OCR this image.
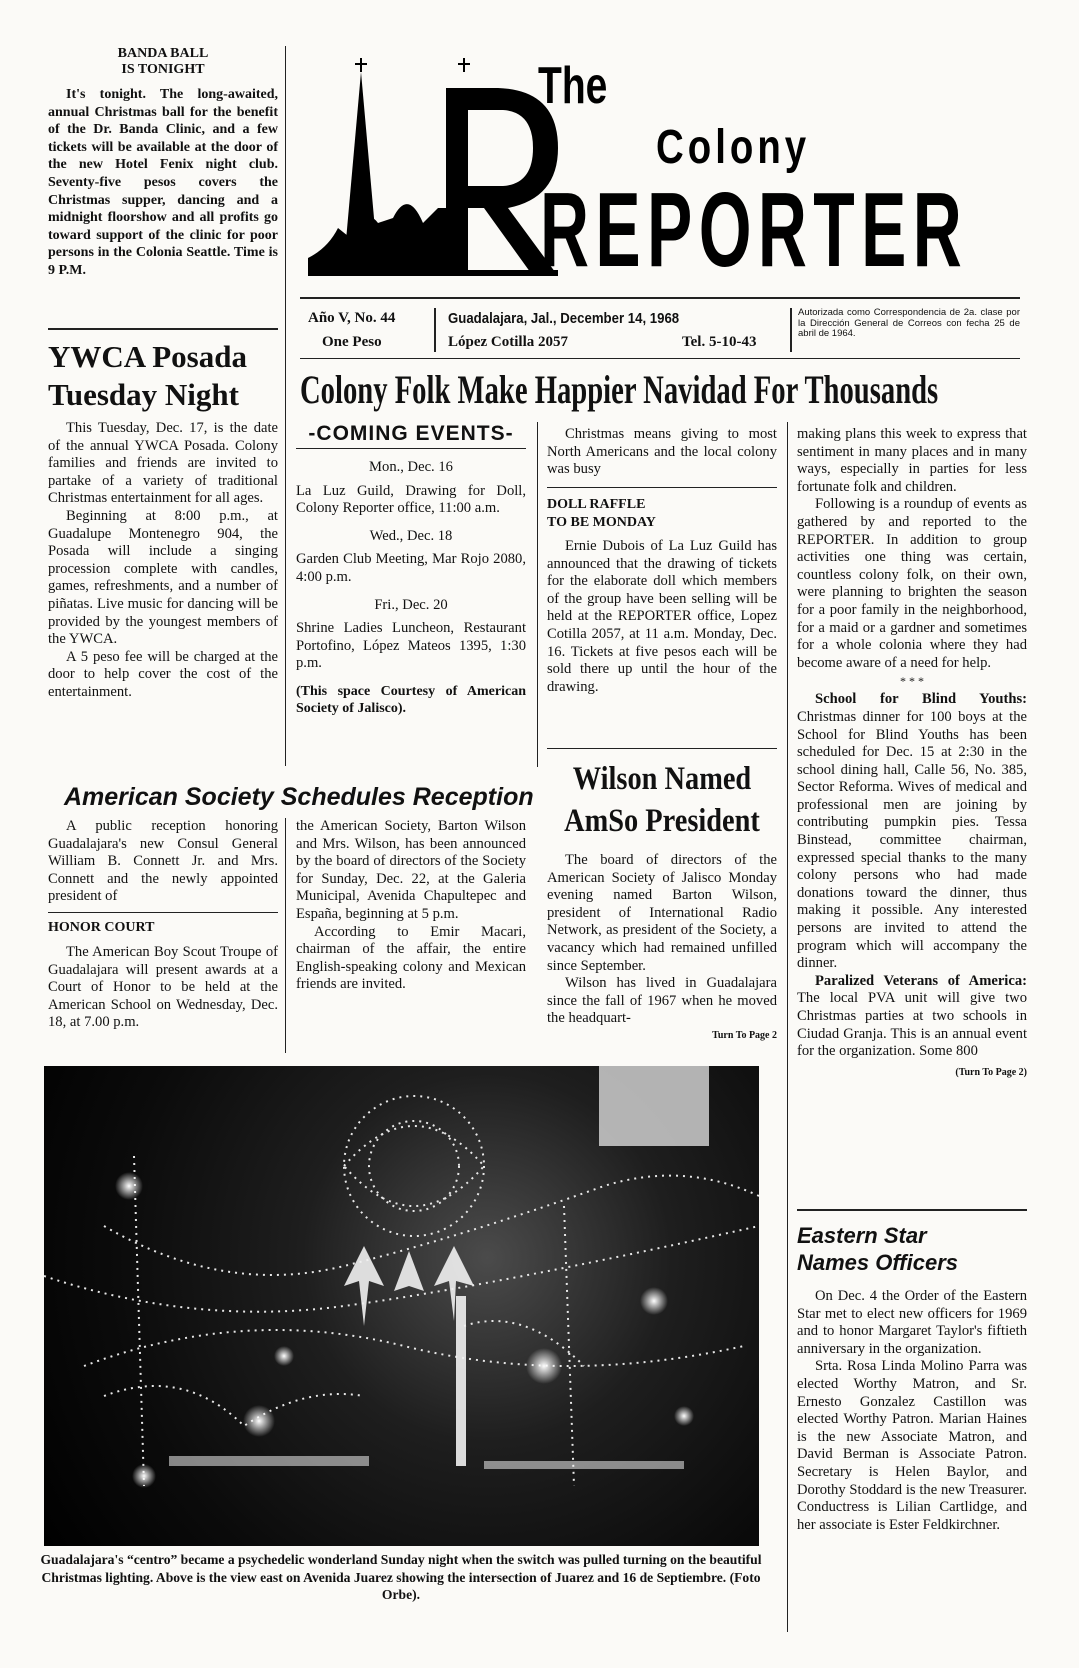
BANDA BALL
IS TONIGHT

It's tonight. The long-awaited, annual Christmas ball for the benefit of the Dr. Banda Clinic, and a few tickets will be available at the door of the new Hotel Fenix night club. Seventy-five pesos covers the Christmas supper, dancing and a midnight floorshow and all profits go toward support of the clinic for poor persons in the Colonia Seattle. Time is 9 P.M.

YWCA Posada
Tuesday Night

This Tuesday, Dec. 17, is the date of the annual YWCA Posada. Colony families and friends are invited to partake of a variety of traditional Christmas entertainment for all ages.

Beginning at 8:00 p.m., at Guadalupe Montenegro 904, the Posada will include a singing procession complete with candles, games, refreshments, and a number of piñatas. Live music for dancing will be provided by the youngest members of the YWCA.

A 5 peso fee will be charged at the door to help cover the cost of the entertainment.

The
Colony
REPORTER
Año V, No. 44
One Peso
Guadalajara, Jal., December 14, 1968
López Cotilla 2057	Tel. 5-10-43
Autorizada como Correspondencia de 2a. clase por la Dirección General de Correos con fecha 25 de abril de 1964.
Colony Folk Make Happier Navidad For Thousands
-COMING EVENTS-
Mon., Dec. 16
La Luz Guild, Drawing for Doll, Colony Reporter office, 11:00 a.m.
Wed., Dec. 18
Garden Club Meeting, Mar Rojo 2080, 4:00 p.m.
Fri., Dec. 20
Shrine Ladies Luncheon, Restaurant Portofino, López Mateos 1395, 1:30 p.m.
(This space Courtesy of American Society of Jalisco).

Christmas means giving to most North Americans and the local colony was busy

DOLL RAFFLE
TO BE MONDAY

Ernie Dubois of La Luz Guild has announced that the drawing of tickets for the elaborate doll which members of the group have been selling will be held at the REPORTER office, Lopez Cotilla 2057, at 11 a.m. Monday, Dec. 16. Tickets at five pesos each will be sold there up until the hour of the drawing.

making plans this week to express that sentiment in many places and in many ways, especially in parties for less fortunate folk and children.

Following is a roundup of events as gathered by and reported to the REPORTER. In addition to group activities one thing was certain, countless colony folk, on their own, were planning to brighten the season for a poor family in the neighborhood, for a maid or a gardner and sometimes for a whole colonia where they had become aware of a need for help.

* * *

School for Blind Youths: Christmas dinner for 100 boys at the School for Blind Youths has been scheduled for Dec. 15 at 2:30 in the school dining hall, Calle 56, No. 385, Sector Reforma. Wives of medical and professional men are joining by contributing pumpkin pies. Tessa Binstead, committee chairman, expressed special thanks to the many colony persons who had made donations toward the dinner, thus making it possible. Any interested persons are invited to attend the program which will accompany the dinner.

Paralized Veterans of America: The local PVA unit will give two Christmas parties at two schools in Ciudad Granja. This is an annual event for the organization. Some 800

(Turn To Page 2)
Eastern Star
Names Officers

On Dec. 4 the Order of the Eastern Star met to elect new officers for 1969 and to honor Margaret Taylor's fiftieth anniversary in the organization.

Srta. Rosa Linda Molino Parra was elected Worthy Matron, and Sr. Ernesto Gonzalez Castillon was elected Worthy Patron. Marian Haines is the new Associate Matron, and David Berman is Associate Patron. Secretary is Helen Baylor, and Dorothy Stoddard is the new Treasurer. Conductress is Lilian Cartlidge, and her associate is Ester Feldkirchner.

American Society Schedules Reception

A public reception honoring Guadalajara's new Consul General William B. Connett Jr. and Mrs. Connett and the newly appointed president of

HONOR COURT

The American Boy Scout Troupe of Guadalajara will present awards at a Court of Honor to be held at the American School on Wednesday, Dec. 18, at 7.00 p.m.

the American Society, Barton Wilson and Mrs. Wilson, has been announced by the board of directors of the Society for Sunday, Dec. 22, at the Galeria Municipal, Avenida Chapultepec and España, beginning at 5 p.m.

According to Emir Macari, chairman of the affair, the entire English-speaking colony and Mexican friends are invited.

Wilson Named
AmSo President

The board of directors of the American Society of Jalisco Monday evening named Barton Wilson, president of International Radio Network, as president of the Society, a vacancy which had remained unfilled since September.

Wilson has lived in Guadalajara since the fall of 1967 when he moved the headquart-

Turn To Page 2
Guadalajara's “centro” became a psychedelic wonderland Sunday night when the switch was pulled turning on the beautiful Christmas lighting. Above is the view east on Avenida Juarez showing the intersection of Juarez and 16 de Septiembre. (Foto Orbe).
